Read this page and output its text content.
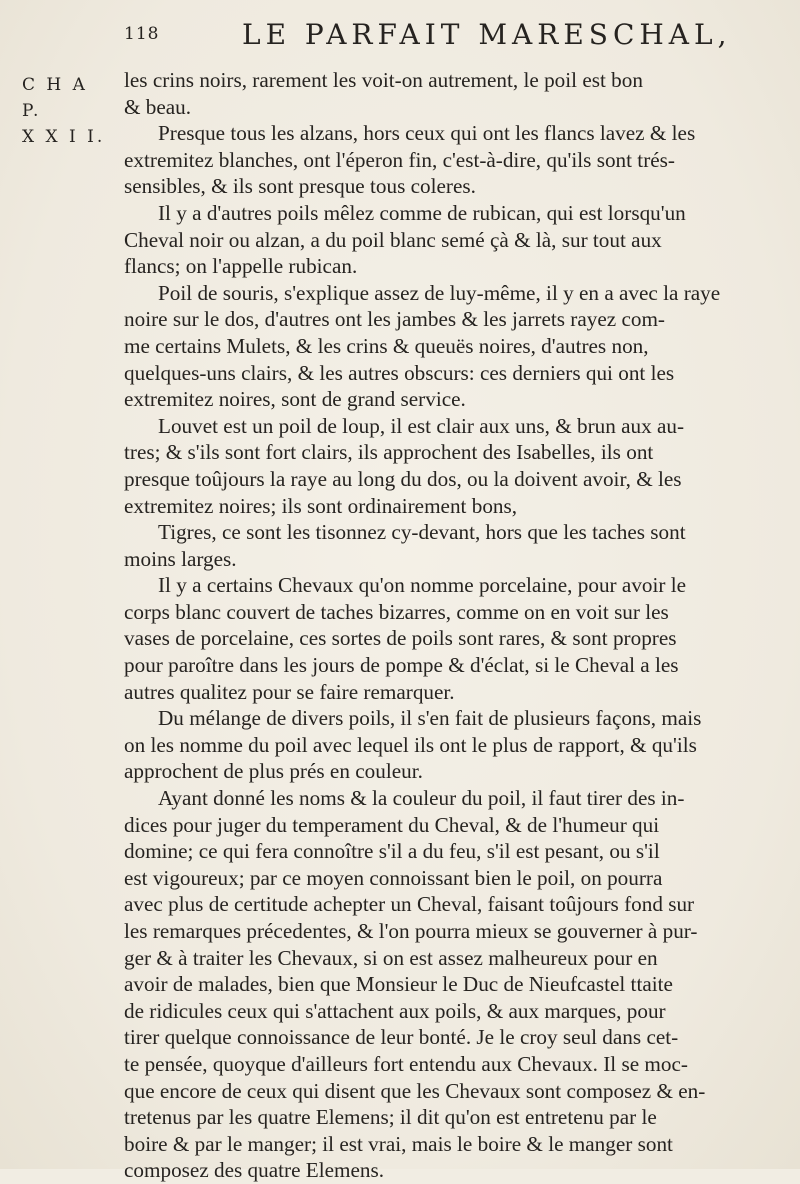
118	LE PARFAIT MARESCHAL,
C H A P.
X X I I.
les crins noirs, rarement les voit-on autrement, le poil est bon
& beau.
Presque tous les alzans, hors ceux qui ont les flancs lavez & les
extremitez blanches, ont l'éperon fin, c'est-à-dire, qu'ils sont trés-
sensibles, & ils sont presque tous coleres.
Il y a d'autres poils mêlez comme de rubican, qui est lorsqu'un
Cheval noir ou alzan, a du poil blanc semé çà & là, sur tout aux
flancs; on l'appelle rubican.
Poil de souris, s'explique assez de luy-même, il y en a avec la raye
noire sur le dos, d'autres ont les jambes & les jarrets rayez com-
me certains Mulets, & les crins & queuës noires, d'autres non,
quelques-uns clairs, & les autres obscurs: ces derniers qui ont les
extremitez noires, sont de grand service.
Louvet est un poil de loup, il est clair aux uns, & brun aux au-
tres; & s'ils sont fort clairs, ils approchent des Isabelles, ils ont
presque toûjours la raye au long du dos, ou la doivent avoir, & les
extremitez noires; ils sont ordinairement bons,
Tigres, ce sont les tisonnez cy-devant, hors que les taches sont
moins larges.
Il y a certains Chevaux qu'on nomme porcelaine, pour avoir le
corps blanc couvert de taches bizarres, comme on en voit sur les
vases de porcelaine, ces sortes de poils sont rares, & sont propres
pour paroître dans les jours de pompe & d'éclat, si le Cheval a les
autres qualitez pour se faire remarquer.
Du mélange de divers poils, il s'en fait de plusieurs façons, mais
on les nomme du poil avec lequel ils ont le plus de rapport, & qu'ils
approchent de plus prés en couleur.
Ayant donné les noms & la couleur du poil, il faut tirer des in-
dices pour juger du temperament du Cheval, & de l'humeur qui
domine; ce qui fera connoître s'il a du feu, s'il est pesant, ou s'il
est vigoureux; par ce moyen connoissant bien le poil, on pourra
avec plus de certitude achepter un Cheval, faisant toûjours fond sur
les remarques précedentes, & l'on pourra mieux se gouverner à pur-
ger & à traiter les Chevaux, si on est assez malheureux pour en
avoir de malades, bien que Monsieur le Duc de Nieufcastel ttaite
de ridicules ceux qui s'attachent aux poils, & aux marques, pour
tirer quelque connoissance de leur bonté. Je le croy seul dans cet-
te pensée, quoyque d'ailleurs fort entendu aux Chevaux. Il se moc-
que encore de ceux qui disent que les Chevaux sont composez & en-
tretenus par les quatre Elemens; il dit qu'on est entretenu par le
boire & par le manger; il est vrai, mais le boire & le manger sont
composez des quatre Elemens.
